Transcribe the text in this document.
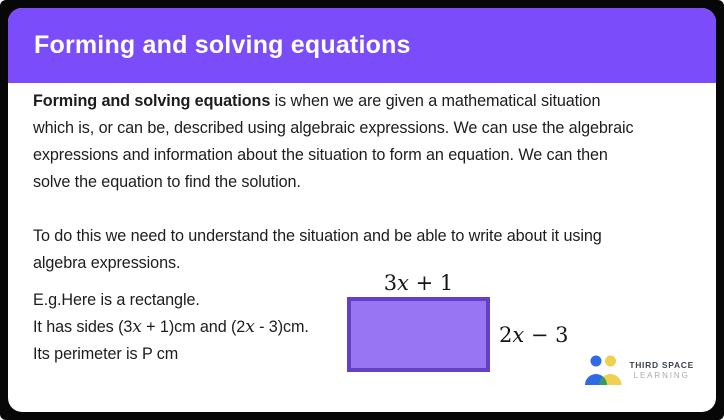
Forming and solving equations
Forming and solving equations is when we are given a mathematical situation
which is, or can be, described using algebraic expressions. We can use the algebraic
expressions and information about the situation to form an equation. We can then
solve the equation to find the solution.
To do this we need to understand the situation and be able to write about it using
algebra expressions.
E.g.Here is a rectangle.
It has sides (3x + 1)cm and (2x - 3)cm.
Its perimeter is P cm
3x + 1
2x − 3
THIRD SPACE
LEARNING
